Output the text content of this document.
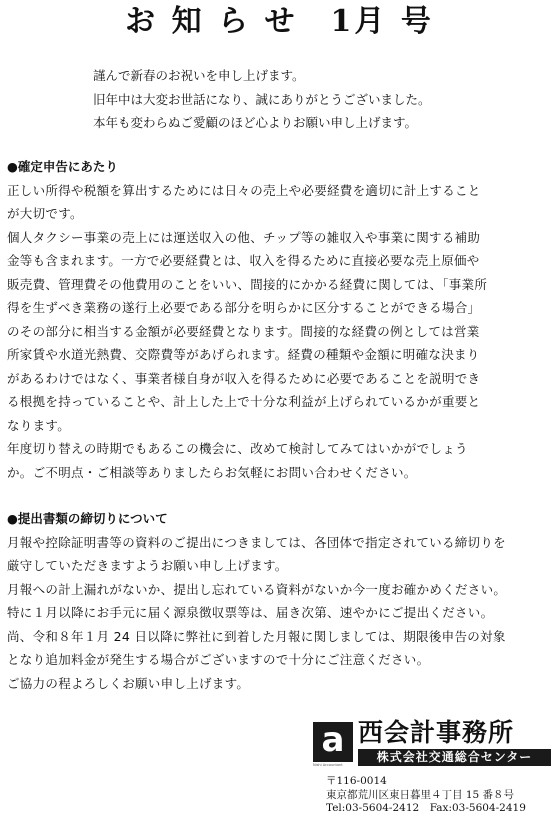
お 知 ら せ　1月 号
謹んで新春のお祝いを申し上げます。
旧年中は大変お世話になり、誠にありがとうございました。
本年も変わらぬご愛顧のほど心よりお願い申し上げます。
●確定申告にあたり
正しい所得や税額を算出するためには日々の売上や必要経費を適切に計上すること
が大切です。
個人タクシー事業の売上には運送収入の他、チップ等の雑収入や事業に関する補助
金等も含まれます。一方で必要経費とは、収入を得るために直接必要な売上原価や
販売費、管理費その他費用のことをいい、間接的にかかる経費に関しては、「事業所
得を生ずべき業務の遂行上必要である部分を明らかに区分することができる場合」
のその部分に相当する金額が必要経費となります。間接的な経費の例としては営業
所家賃や水道光熱費、交際費等があげられます。経費の種類や金額に明確な決まり
があるわけではなく、事業者様自身が収入を得るために必要であることを説明でき
る根拠を持っていることや、計上した上で十分な利益が上げられているかが重要と
なります。
年度切り替えの時期でもあるこの機会に、改めて検討してみてはいかがでしょう
か。ご不明点・ご相談等ありましたらお気軽にお問い合わせください。
●提出書類の締切りについて
月報や控除証明書等の資料のご提出につきましては、各団体で指定されている締切りを
厳守していただきますようお願い申し上げます。
月報への計上漏れがないか、提出し忘れている資料がないか今一度お確かめください。
特に１月以降にお手元に届く源泉徴収票等は、届き次第、速やかにご提出ください。
尚、令和８年１月 24 日以降に弊社に到着した月報に関しましては、期限後申告の対象
となり追加料金が発生する場合がございますので十分にご注意ください。
ご協力の程よろしくお願い申し上げます。
a
Nishi Accountant
西会計事務所
株式会社交通総合センター
〒116-0014
東京都荒川区東日暮里４丁目 15 番８号
Tel:03-5604-2412　Fax:03-5604-2419
